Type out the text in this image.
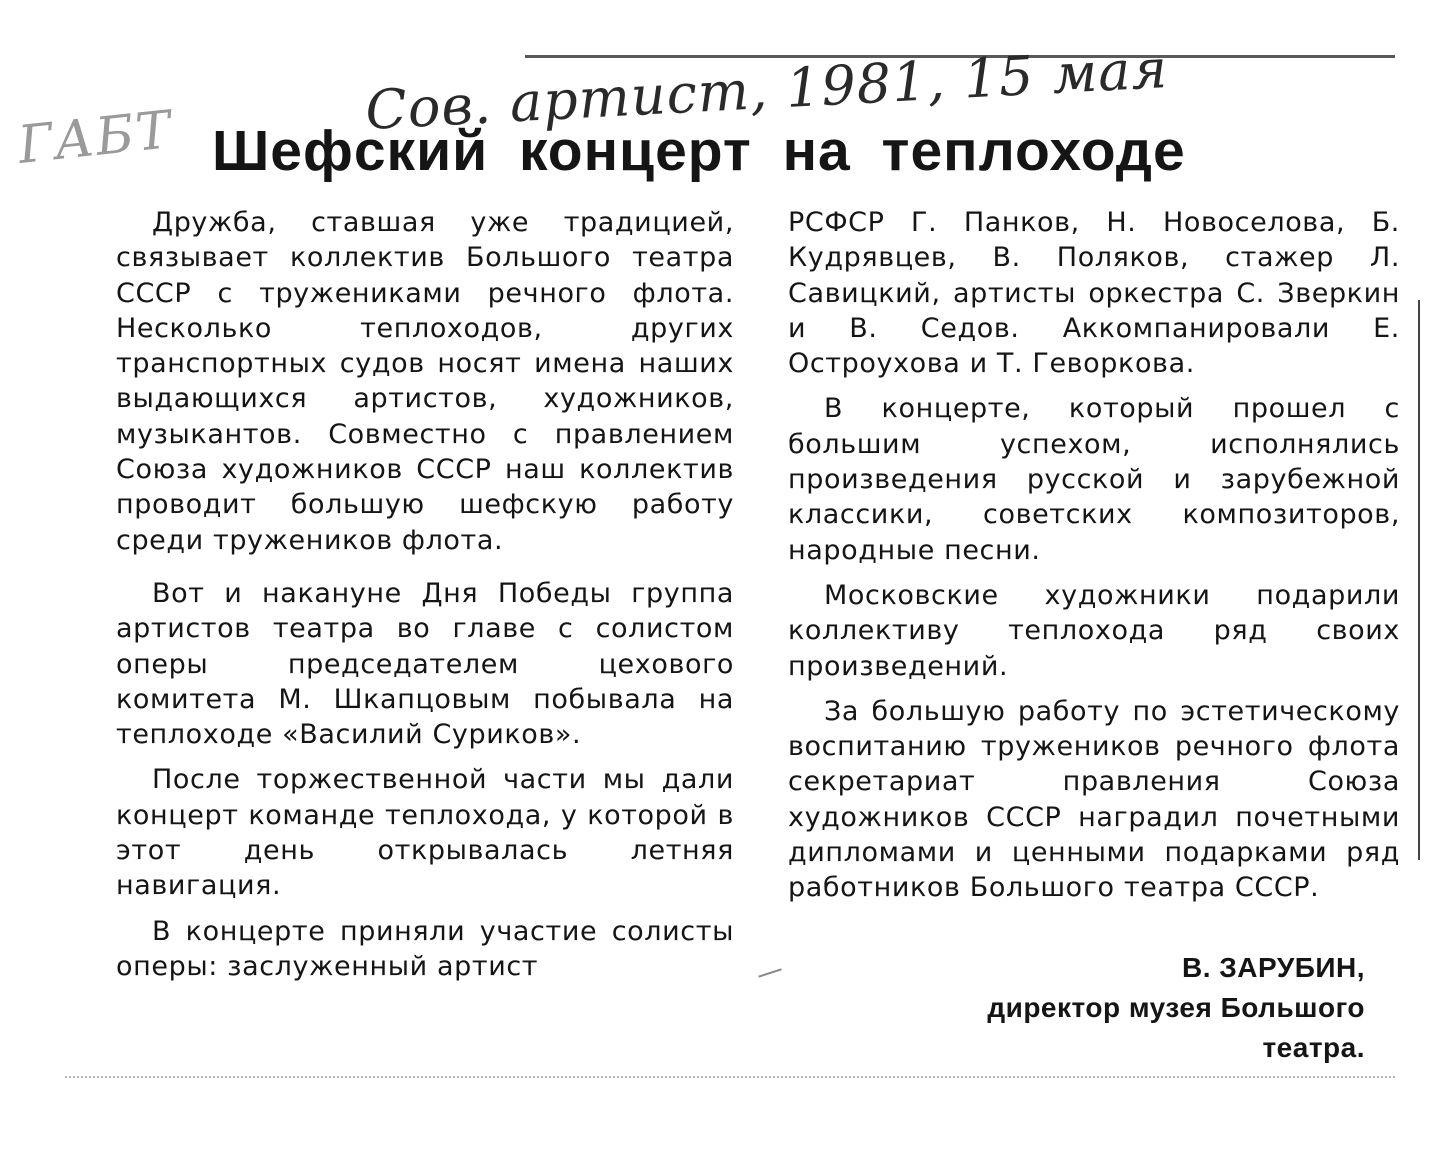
ГАБТ	Сов. артист, 1981, 15 мая
Шефский концерт на теплоходе

Дружба, ставшая уже традицией, связывает коллектив Большого театра СССР с тружениками речного флота. Несколько теплоходов, других транспортных судов носят имена наших выдающихся артистов, художников, музыкантов. Совместно с правлением Союза художников СССР наш коллектив проводит большую шефскую работу среди тружеников флота.

Вот и накануне Дня Победы группа артистов театра во главе с солистом оперы председателем цехового комитета М. Шкапцовым побывала на теплоходе «Василий Суриков».

После торжественной части мы дали концерт команде теплохода, у которой в этот день открывалась летняя навигация.

В концерте приняли участие солисты оперы: заслуженный артист

РСФСР Г. Панков, Н. Новоселова, Б. Кудрявцев, В. Поляков, стажер Л. Савицкий, артисты оркестра С. Зверкин и В. Седов. Аккомпанировали Е. Остроухова и Т. Геворкова.

В концерте, который прошел с большим успехом, исполнялись произведения русской и зарубежной классики, советских композиторов, народные песни.

Московские художники подарили коллективу теплохода ряд своих произведений.

За большую работу по эстетическому воспитанию тружеников речного флота секретариат правления Союза художников СССР наградил почетными дипломами и ценными подарками ряд работников Большого театра СССР.

В. ЗАРУБИН,
директор музея Большого
театра.
